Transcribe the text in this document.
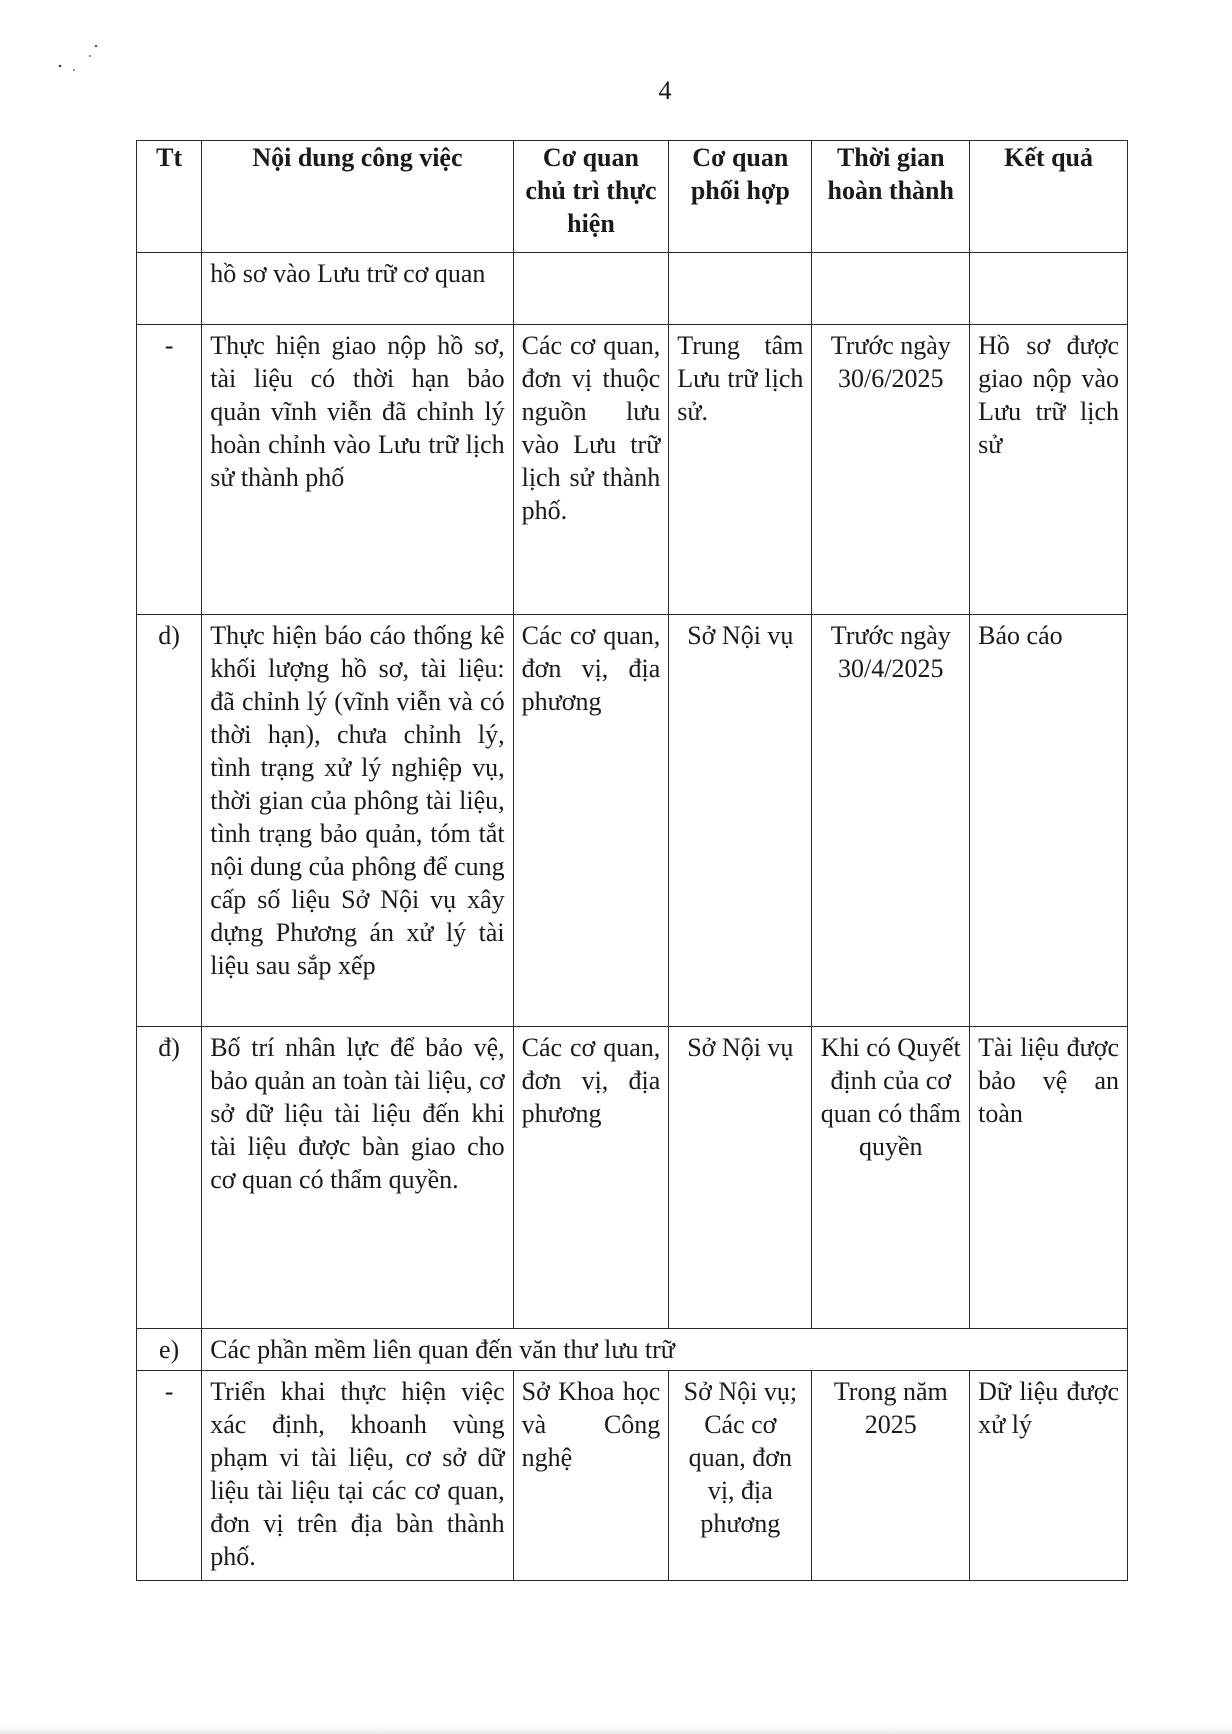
4
Tt	Nội dung công việc	Cơ quan chủ trì thực hiện	Cơ quan phối hợp	Thời gian hoàn thành	Kết quả
	hồ sơ vào Lưu trữ cơ quan				
-	Thực hiện giao nộp hồ sơ, tài liệu có thời hạn bảo quản vĩnh viễn đã chỉnh lý hoàn chỉnh vào Lưu trữ lịch sử thành phố	Các cơ quan, đơn vị thuộc nguồn lưu vào Lưu trữ lịch sử thành phố.	Trung tâm Lưu trữ lịch sử.	Trước ngày 30/6/2025	Hồ sơ được giao nộp vào Lưu trữ lịch sử
d)	Thực hiện báo cáo thống kê khối lượng hồ sơ, tài liệu: đã chỉnh lý (vĩnh viễn và có thời hạn), chưa chỉnh lý, tình trạng xử lý nghiệp vụ, thời gian của phông tài liệu, tình trạng bảo quản, tóm tắt nội dung của phông để cung cấp số liệu Sở Nội vụ xây dựng Phương án xử lý tài liệu sau sắp xếp	Các cơ quan, đơn vị, địa phương	Sở Nội vụ	Trước ngày 30/4/2025	Báo cáo
đ)	Bố trí nhân lực để bảo vệ, bảo quản an toàn tài liệu, cơ sở dữ liệu tài liệu đến khi tài liệu được bàn giao cho cơ quan có thẩm quyền.	Các cơ quan, đơn vị, địa phương	Sở Nội vụ	Khi có Quyết định của cơ quan có thẩm quyền	Tài liệu được bảo vệ an toàn
e)	Các phần mềm liên quan đến văn thư lưu trữ				
-	Triển khai thực hiện việc xác định, khoanh vùng phạm vi tài liệu, cơ sở dữ liệu tài liệu tại các cơ quan, đơn vị trên địa bàn thành phố.	Sở Khoa học và Công nghệ	Sở Nội vụ; Các cơ quan, đơn vị, địa phương	Trong năm 2025	Dữ liệu được xử lý
